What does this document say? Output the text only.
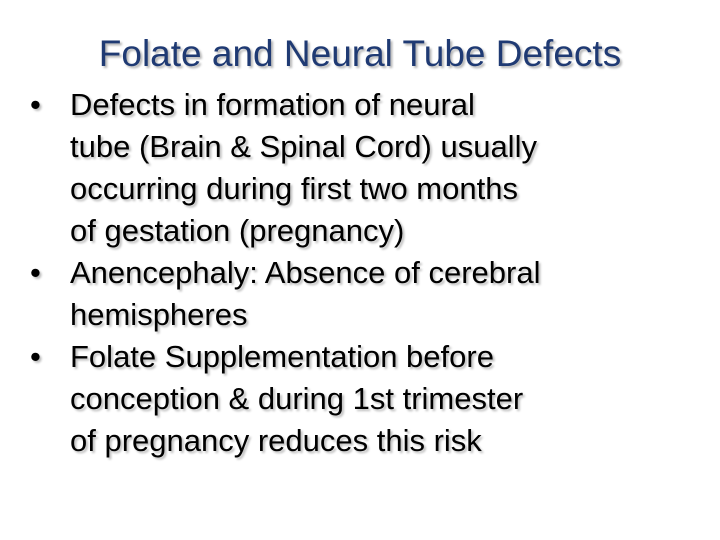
Folate and Neural Tube Defects
• Defects in formation of neural
tube (Brain & Spinal Cord) usually
occurring during first two months
of gestation (pregnancy)
• Anencephaly: Absence of cerebral
hemispheres
• Folate Supplementation before
conception & during 1st trimester
of pregnancy reduces this risk
